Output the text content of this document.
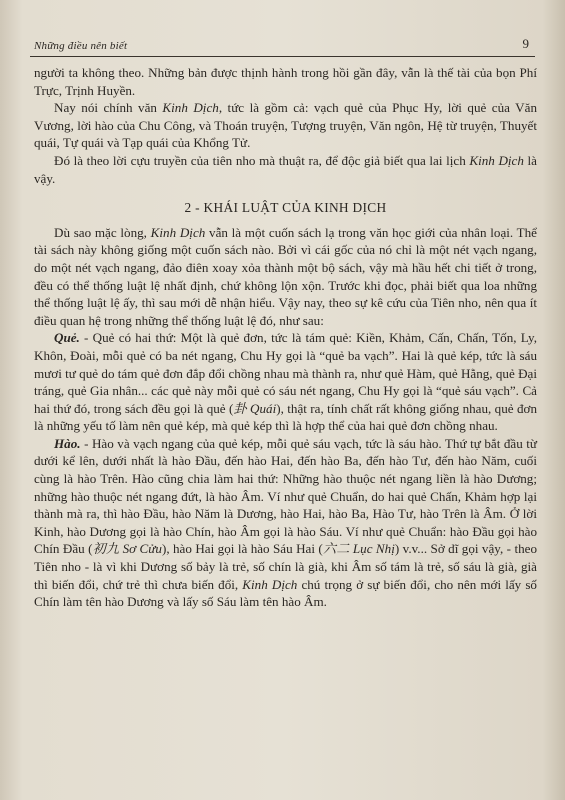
Những điều nên biết	9

người ta không theo. Những bản được thịnh hành trong hồi gần đây, vẫn là thế tài của bọn Phí Trực, Trịnh Huyền.

Nay nói chính văn Kinh Dịch, tức là gồm cả: vạch quẻ của Phục Hy, lời quẻ của Văn Vương, lời hào của Chu Công, và Thoán truyện, Tượng truyện, Văn ngôn, Hệ từ truyện, Thuyết quái, Tự quái và Tạp quái của Khổng Tử.

Đó là theo lời cựu truyền của tiên nho mà thuật ra, để độc giả biết qua lai lịch Kinh Dịch là vậy.

2 - KHÁI LUẬT CỦA KINH DỊCH

Dù sao mặc lòng, Kinh Dịch vẫn là một cuốn sách lạ trong văn học giới của nhân loại. Thể tài sách này không giống một cuốn sách nào. Bởi vì cái gốc của nó chỉ là một nét vạch ngang, do một nét vạch ngang, đảo điên xoay xỏa thành một bộ sách, vậy mà hầu hết chi tiết ở trong, đều có thể thống luật lệ nhất định, chứ không lộn xộn. Trước khi đọc, phải biết qua loa những thể thống luật lệ ấy, thì sau mới dễ nhận hiểu. Vậy nay, theo sự kê cứu của Tiên nho, nên qua ít điều quan hệ trong những thể thống luật lệ đó, như sau:

Quẻ. - Quẻ có hai thứ: Một là quẻ đơn, tức là tám quẻ: Kiền, Khảm, Cấn, Chấn, Tốn, Ly, Khôn, Đoài, mỗi quẻ có ba nét ngang, Chu Hy gọi là “quẻ ba vạch”. Hai là quẻ kép, tức là sáu mươi tư quẻ do tám quẻ đơn đắp đổi chồng nhau mà thành ra, như quẻ Hàm, quẻ Hằng, quẻ Đại tráng, quẻ Gia nhân... các quẻ này mỗi quẻ có sáu nét ngang, Chu Hy gọi là “quẻ sáu vạch”. Cả hai thứ đó, trong sách đều gọi là quẻ (卦 Quái), thật ra, tính chất rất không giống nhau, quẻ đơn là những yếu tố làm nên quẻ kép, mà quẻ kép thì là hợp thể của hai quẻ đơn chồng nhau.

Hào. - Hào và vạch ngang của quẻ kép, mỗi quẻ sáu vạch, tức là sáu hào. Thứ tự bắt đầu từ dưới kể lên, dưới nhất là hào Đầu, đến hào Hai, đến hào Ba, đến hào Tư, đến hào Năm, cuối cùng là hào Trên. Hào cũng chia làm hai thứ: Những hào thuộc nét ngang liền là hào Dương; những hào thuộc nét ngang đứt, là hào Âm. Ví như quẻ Chuẩn, do hai quẻ Chấn, Khảm hợp lại thành mà ra, thì hào Đầu, hào Năm là Dương, hào Hai, hào Ba, Hào Tư, hào Trên là Âm. Ở lời Kinh, hào Dương gọi là hào Chín, hào Âm gọi là hào Sáu. Ví như quẻ Chuẩn: hào Đầu gọi hào Chín Đầu (初九 Sơ Cửu), hào Hai gọi là hào Sáu Hai (六二 Lục Nhị) v.v... Sở dĩ gọi vậy, - theo Tiên nho - là vì khi Dương số bảy là trẻ, số chín là già, khi Âm số tám là trẻ, số sáu là già, già thì biến đổi, chứ trẻ thì chưa biến đổi, Kinh Dịch chú trọng ở sự biến đổi, cho nên mới lấy số Chín làm tên hào Dương và lấy số Sáu làm tên hào Âm.
